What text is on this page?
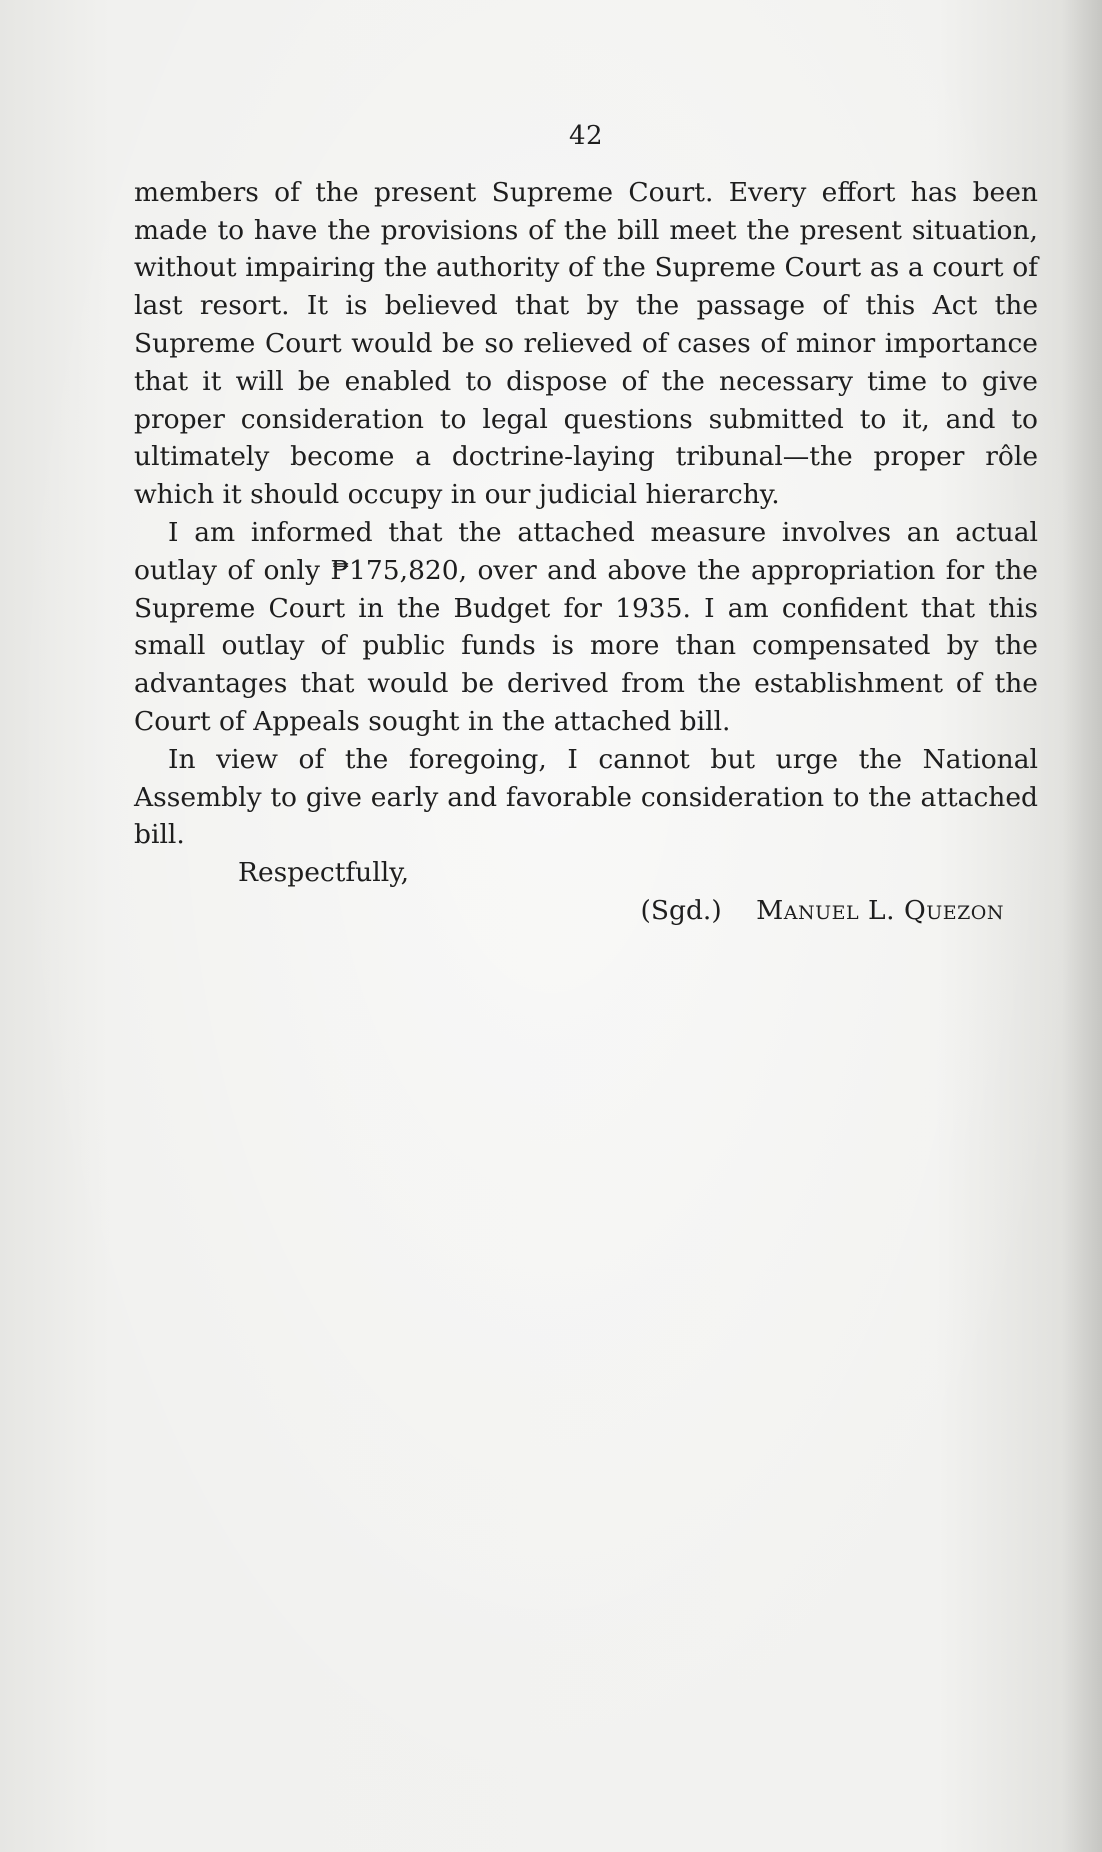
42

members of the present Supreme Court. Every effort has been made to have the provisions of the bill meet the present situation, without impairing the authority of the Supreme Court as a court of last resort. It is believed that by the passage of this Act the Supreme Court would be so relieved of cases of minor importance that it will be enabled to dispose of the necessary time to give proper consideration to legal questions submitted to it, and to ultimately become a doctrine-laying tribunal—the proper rôle which it should occupy in our judicial hierarchy.

I am informed that the attached measure involves an actual outlay of only ₱175,820, over and above the appropriation for the Supreme Court in the Budget for 1935. I am confident that this small outlay of public funds is more than compensated by the advantages that would be derived from the establishment of the Court of Appeals sought in the attached bill.

In view of the foregoing, I cannot but urge the National Assembly to give early and favorable consideration to the attached bill.

Respectfully,

(Sgd.) Manuel L. Quezon
